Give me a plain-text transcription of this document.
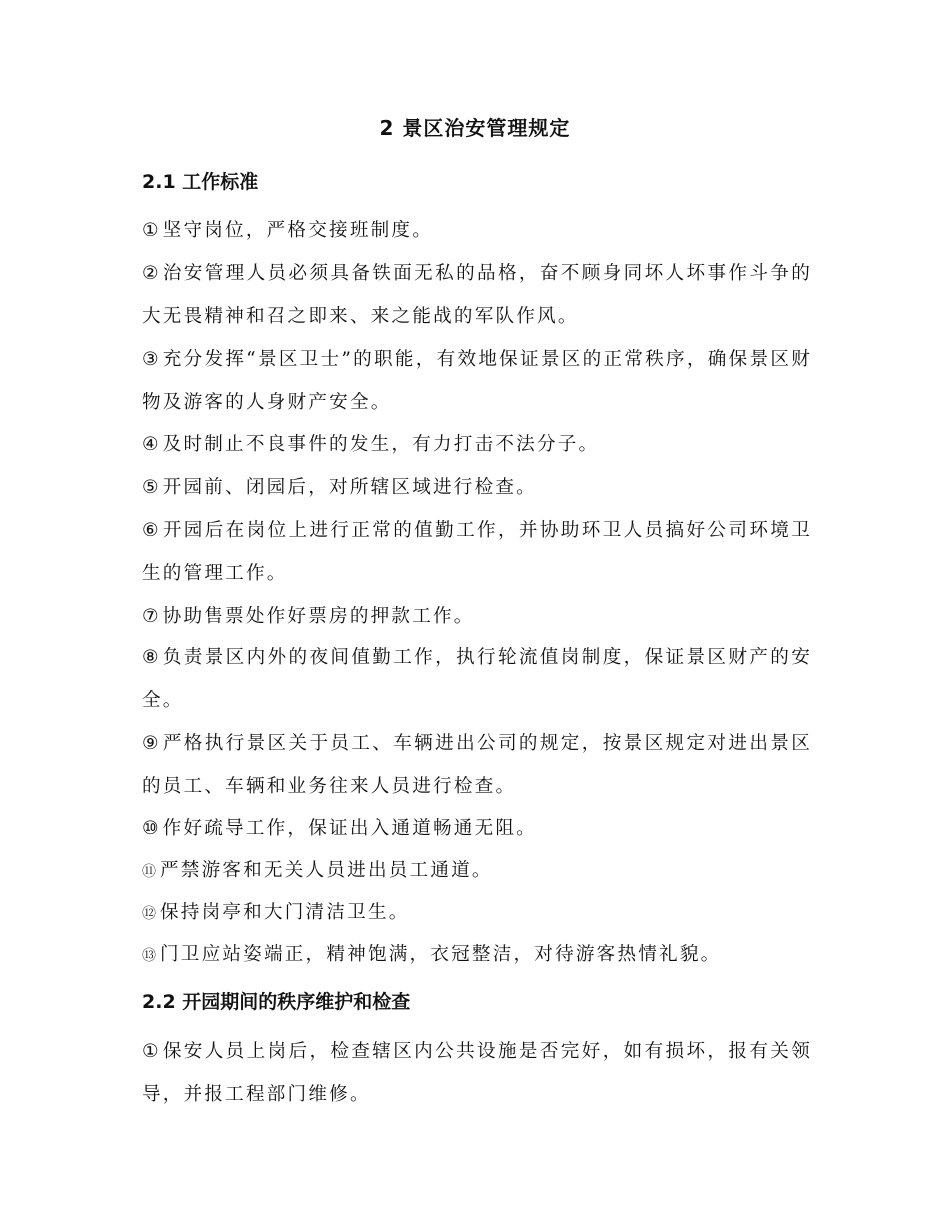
2 景区治安管理规定
2.1 工作标准
① 坚守岗位，严格交接班制度。
② 治安管理人员必须具备铁面无私的品格，奋不顾身同坏人坏事作斗争的大无畏精神和召之即来、来之能战的军队作风。
③ 充分发挥“景区卫士”的职能，有效地保证景区的正常秩序，确保景区财物及游客的人身财产安全。
④ 及时制止不良事件的发生，有力打击不法分子。
⑤ 开园前、闭园后，对所辖区域进行检查。
⑥ 开园后在岗位上进行正常的值勤工作，并协助环卫人员搞好公司环境卫生的管理工作。
⑦ 协助售票处作好票房的押款工作。
⑧ 负责景区内外的夜间值勤工作，执行轮流值岗制度，保证景区财产的安全。
⑨ 严格执行景区关于员工、车辆进出公司的规定，按景区规定对进出景区的员工、车辆和业务往来人员进行检查。
⑩ 作好疏导工作，保证出入通道畅通无阻。
⑪ 严禁游客和无关人员进出员工通道。
⑫ 保持岗亭和大门清洁卫生。
⑬ 门卫应站姿端正，精神饱满，衣冠整洁，对待游客热情礼貌。
2.2 开园期间的秩序维护和检查
① 保安人员上岗后，检查辖区内公共设施是否完好，如有损坏，报有关领导，并报工程部门维修。
